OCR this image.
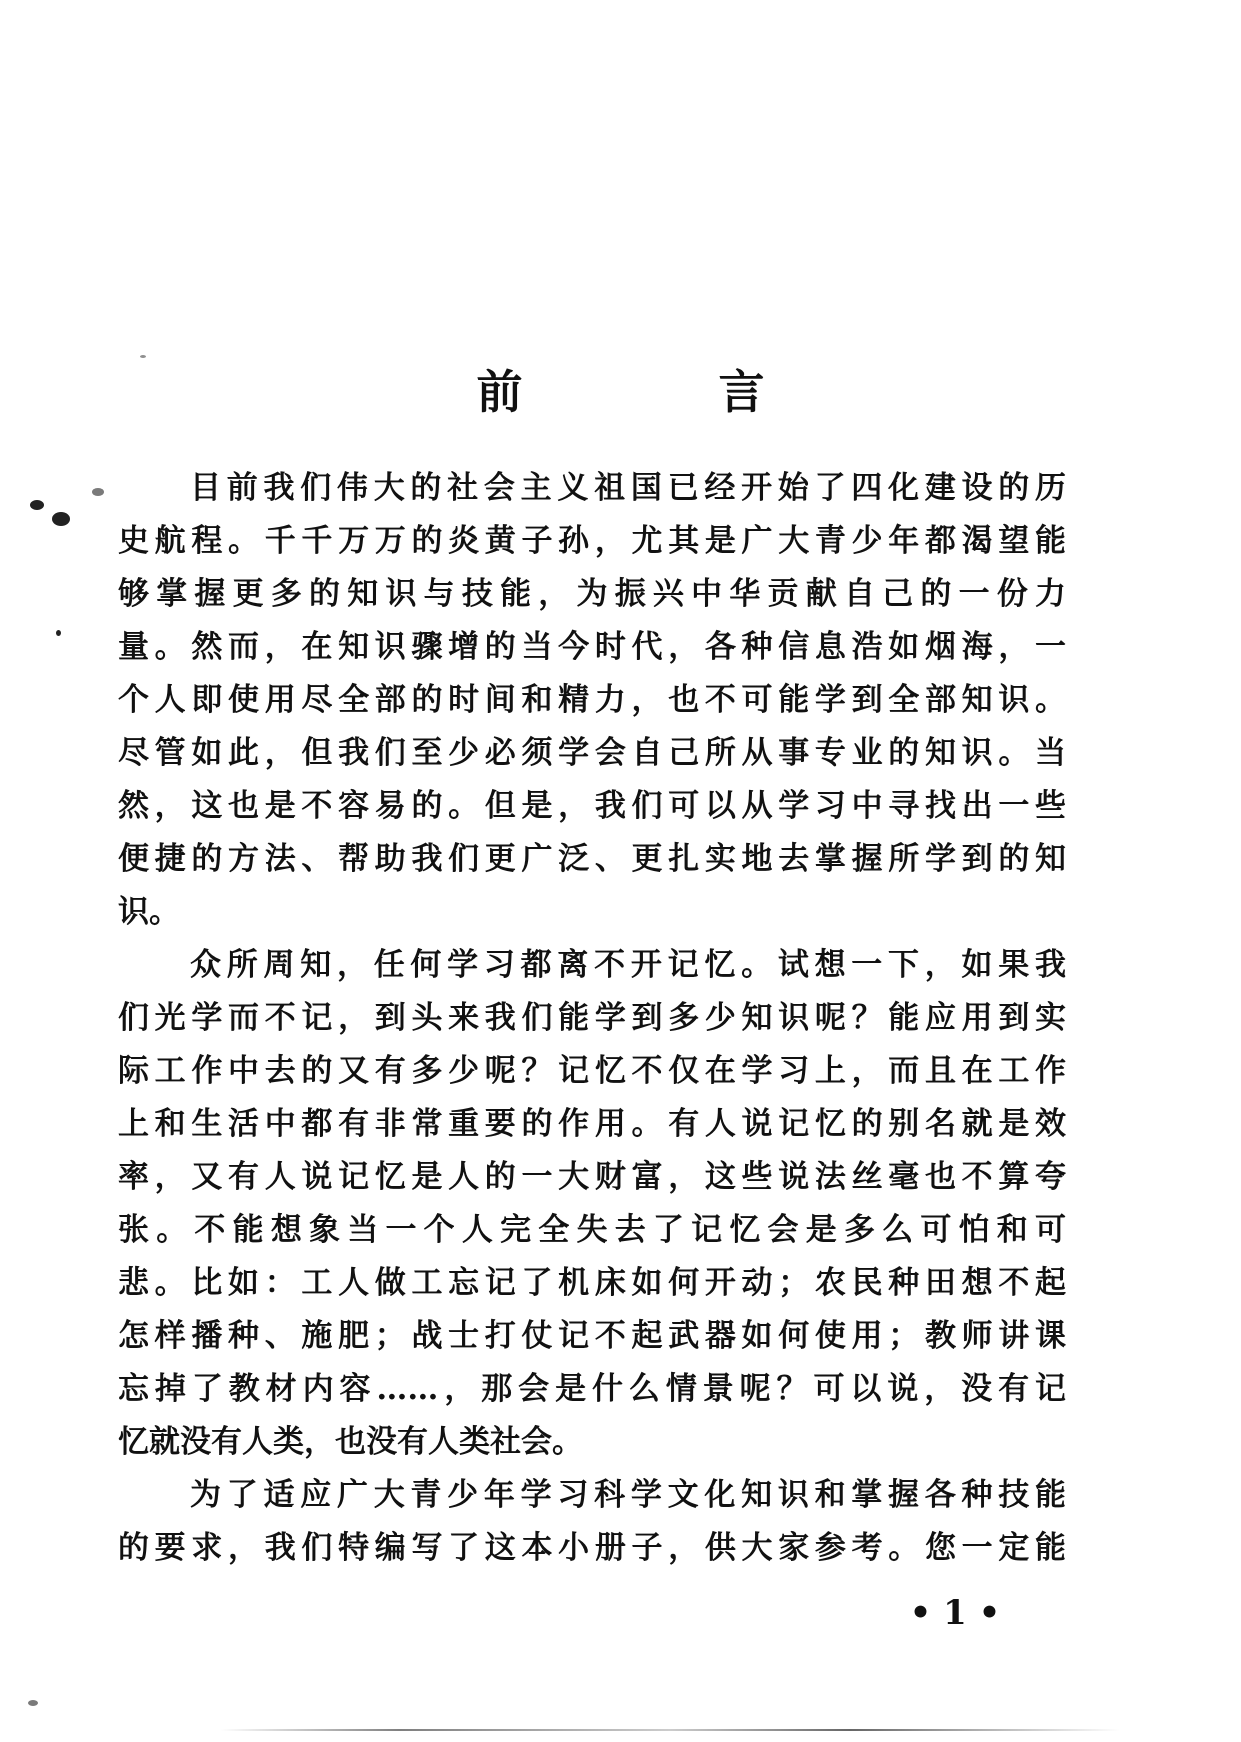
前 言
目前我们伟大的社会主义祖国已经开始了四化建设的历
史航程。千千万万的炎黄子孙，尤其是广大青少年都渴望能
够掌握更多的知识与技能，为振兴中华贡献自己的一份力
量。然而，在知识骤增的当今时代，各种信息浩如烟海，一
个人即使用尽全部的时间和精力，也不可能学到全部知识。
尽管如此，但我们至少必须学会自己所从事专业的知识。当
然，这也是不容易的。但是，我们可以从学习中寻找出一些
便捷的方法、帮助我们更广泛、更扎实地去掌握所学到的知
识。
众所周知，任何学习都离不开记忆。试想一下，如果我
们光学而不记，到头来我们能学到多少知识呢？能应用到实
际工作中去的又有多少呢？记忆不仅在学习上，而且在工作
上和生活中都有非常重要的作用。有人说记忆的别名就是效
率，又有人说记忆是人的一大财富，这些说法丝毫也不算夸
张。不能想象当一个人完全失去了记忆会是多么可怕和可
悲。比如：工人做工忘记了机床如何开动；农民种田想不起
怎样播种、施肥；战士打仗记不起武器如何使用；教师讲课
忘掉了教材内容……，那会是什么情景呢？可以说，没有记
忆就没有人类，也没有人类社会。
为了适应广大青少年学习科学文化知识和掌握各种技能
的要求，我们特编写了这本小册子，供大家参考。您一定能
• 1 •
